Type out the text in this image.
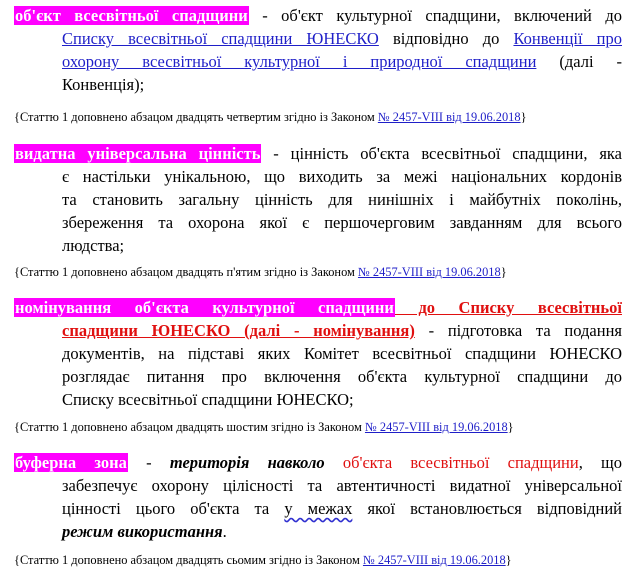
об'єкт всесвітньої спадщини - об'єкт культурної спадщини, включений до
Списку всесвітньої спадщини ЮНЕСКО відповідно до Конвенції про
охорону всесвітньої культурної і природної спадщини (далі -
Конвенція);
{Статтю 1 доповнено абзацом двадцять четвертим згідно із Законом № 2457-VIII від 19.06.2018}
видатна універсальна цінність - цінність об'єкта всесвітньої спадщини, яка
є настільки унікальною, що виходить за межі національних кордонів
та становить загальну цінність для нинішніх і майбутніх поколінь,
збереження та охорона якої є першочерговим завданням для всього
людства;
{Статтю 1 доповнено абзацом двадцять п'ятим згідно із Законом № 2457-VIII від 19.06.2018}
номінування об'єкта культурної спадщини до Списку всесвітньої
спадщини ЮНЕСКО (далі - номінування) - підготовка та подання
документів, на підставі яких Комітет всесвітньої спадщини ЮНЕСКО
розглядає питання про включення об'єкта культурної спадщини до
Списку всесвітньої спадщини ЮНЕСКО;
{Статтю 1 доповнено абзацом двадцять шостим згідно із Законом № 2457-VIII від 19.06.2018}
буферна зона - територія навколо об'єкта всесвітньої спадщини, що
забезпечує охорону цілісності та автентичності видатної універсальної
цінності цього об'єкта та у межах якої встановлюється відповідний
режим використання.
{Статтю 1 доповнено абзацом двадцять сьомим згідно із Законом № 2457-VIII від 19.06.2018}
